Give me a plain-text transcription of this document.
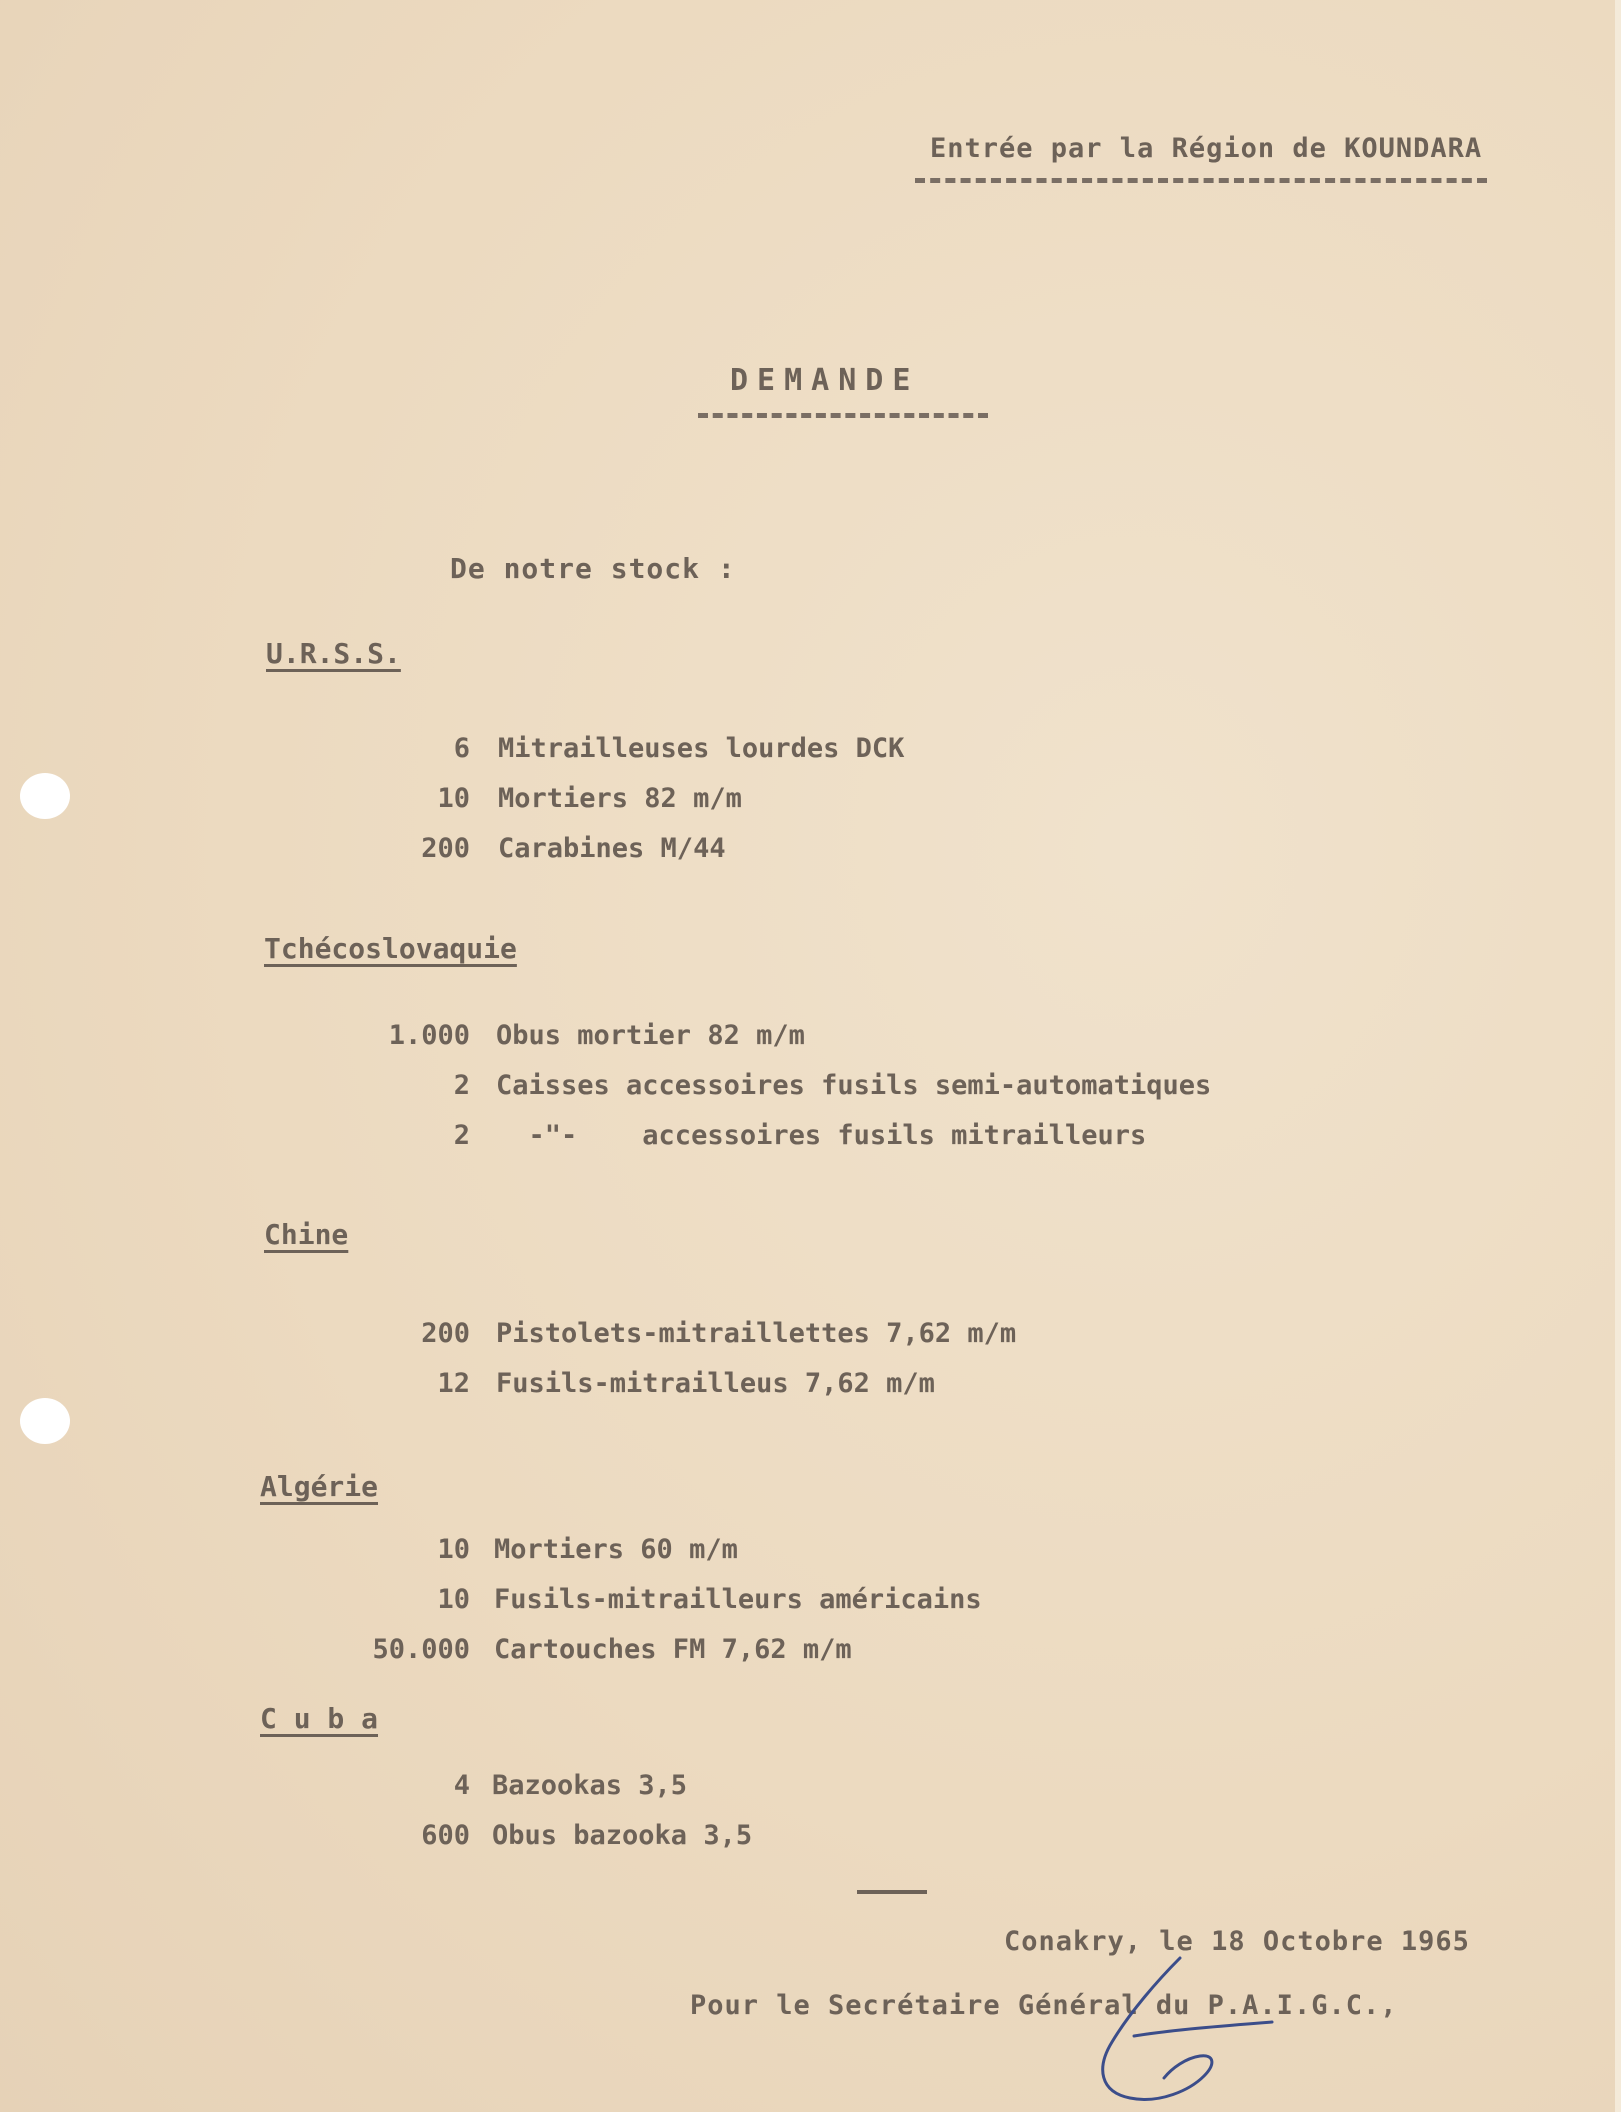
Entrée par la Région de KOUNDARA
DEMANDE
De notre stock :
U.R.S.S.
6 Mitrailleuses lourdes DCK
10 Mortiers 82 m/m
200 Carabines M/44
Tchécoslovaquie
1.000 Obus mortier 82 m/m
2 Caisses accessoires fusils semi-automatiques
2 -"-    accessoires fusils mitrailleurs
Chine
200 Pistolets-mitraillettes 7,62 m/m
12 Fusils-mitrailleus 7,62 m/m
Algérie
10 Mortiers 60 m/m
10 Fusils-mitrailleurs américains
50.000 Cartouches FM 7,62 m/m
C u b a
4 Bazookas 3,5
600 Obus bazooka 3,5
Conakry, le 18 Octobre 1965
Pour le Secrétaire Général du P.A.I.G.C.,
